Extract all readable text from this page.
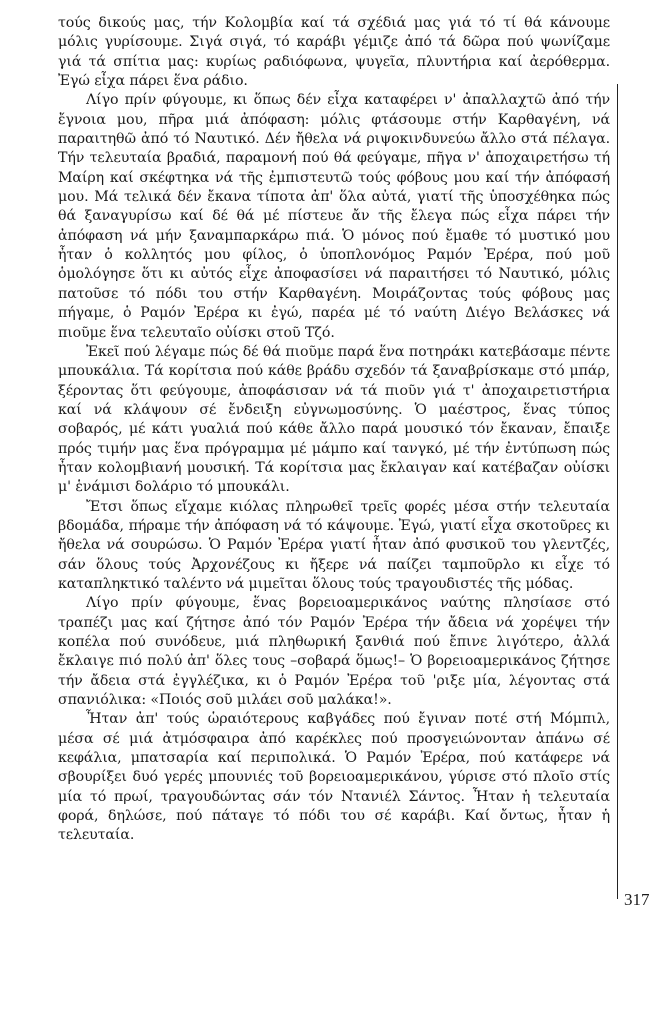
τούς δικούς μας, τήν Κολομβία καί τά σχέδιά μας γιά τό τί θά κάνουμε μόλις γυρίσουμε. Σιγά σιγά, τό καράβι γέμιζε ἀπό τά δῶρα πού ψωνίζαμε γιά τά σπίτια μας: κυρίως ραδιόφωνα, ψυγεῖα, πλυντήρια καί ἀερόθερμα. Ἐγώ εἶχα πάρει ἕνα ράδιο.

Λίγο πρίν φύγουμε, κι ὅπως δέν εἶχα καταφέρει ν' ἀπαλλαχτῶ ἀπό τήν ἔγνοια μου, πῆρα μιά ἀπόφαση: μόλις φτάσουμε στήν Καρθαγένη, νά παραιτηθῶ ἀπό τό Ναυτικό. Δέν ἤθελα νά ριψοκινδυνεύω ἄλλο στά πέλαγα. Τήν τελευταία βραδιά, παραμονή πού θά φεύγαμε, πῆγα ν' ἀποχαιρετήσω τή Μαίρη καί σκέφτηκα νά τῆς ἐμπιστευτῶ τούς φόβους μου καί τήν ἀπόφασή μου. Μά τελικά δέν ἔκανα τίποτα ἀπ' ὅλα αὐτά, γιατί τῆς ὑποσχέθηκα πώς θά ξαναγυρίσω καί δέ θά μέ πίστευε ἄν τῆς ἔλεγα πώς εἶχα πάρει τήν ἀπόφαση νά μήν ξαναμπαρκάρω πιά. Ὁ μόνος πού ἔμαθε τό μυστικό μου ἦταν ὁ κολλητός μου φίλος, ὁ ὑποπλονόμος Ραμόν Ἐρέρα, πού μοῦ ὁμολόγησε ὅτι κι αὐτός εἶχε ἀποφασίσει νά παραιτήσει τό Ναυτικό, μόλις πατοῦσε τό πόδι του στήν Καρθαγένη. Μοιράζοντας τούς φόβους μας πήγαμε, ὁ Ραμόν Ἐρέρα κι ἐγώ, παρέα μέ τό ναύτη Διέγο Βελάσκες νά πιοῦμε ἕνα τελευταῖο οὐίσκι στοῦ Τζό.

Ἐκεῖ πού λέγαμε πώς δέ θά πιοῦμε παρά ἕνα ποτηράκι κατεβάσαμε πέντε μπουκάλια. Τά κορίτσια πού κάθε βράδυ σχεδόν τά ξαναβρίσκαμε στό μπάρ, ξέροντας ὅτι φεύγουμε, ἀποφάσισαν νά τά πιοῦν γιά τ' ἀποχαιρετιστήρια καί νά κλάψουν σέ ἔνδειξη εὐγνωμοσύνης. Ὁ μαέστρος, ἕνας τύπος σοβαρός, μέ κάτι γυαλιά πού κάθε ἄλλο παρά μουσικό τόν ἔκαναν, ἔπαιξε πρός τιμήν μας ἕνα πρόγραμμα μέ μάμπο καί τανγκό, μέ τήν ἐντύπωση πώς ἦταν κολομβιανή μουσική. Τά κορίτσια μας ἔκλαιγαν καί κατέβαζαν οὐίσκι μ' ἑνάμισι δολάριο τό μπουκάλι.

Ἔτσι ὅπως εἴχαμε κιόλας πληρωθεῖ τρεῖς φορές μέσα στήν τελευταία βδομάδα, πήραμε τήν ἀπόφαση νά τό κάψουμε. Ἐγώ, γιατί εἶχα σκοτοῦρες κι ἤθελα νά σουρώσω. Ὁ Ραμόν Ἐρέρα γιατί ἦταν ἀπό φυσικοῦ του γλεντζές, σάν ὅλους τούς Ἀρχονέζους κι ἤξερε νά παίζει ταμποῦρλο κι εἶχε τό καταπληκτικό ταλέντο νά μιμεῖται ὅλους τούς τραγουδιστές τῆς μόδας.

Λίγο πρίν φύγουμε, ἕνας βορειοαμερικάνος ναύτης πλησίασε στό τραπέζι μας καί ζήτησε ἀπό τόν Ραμόν Ἐρέρα τήν ἄδεια νά χορέψει τήν κοπέλα πού συνόδευε, μιά πληθωρική ξανθιά πού ἔπινε λιγότερο, ἀλλά ἔκλαιγε πιό πολύ ἀπ' ὅλες τους –σοβαρά ὅμως!– Ὁ βορειοαμερικάνος ζήτησε τήν ἄδεια στά ἐγγλέζικα, κι ὁ Ραμόν Ἐρέρα τοῦ 'ριξε μία, λέγοντας στά σπανιόλικα: «Ποιός σοῦ μιλάει σοῦ μαλάκα!».

Ἦταν ἀπ' τούς ὡραιότερους καβγάδες πού ἔγιναν ποτέ στή Μόμπιλ, μέσα σέ μιά ἀτμόσφαιρα ἀπό καρέκλες πού προσγειώνονταν ἀπάνω σέ κεφάλια, μπατσαρία καί περιπολικά. Ὁ Ραμόν Ἐρέρα, πού κατάφερε νά σβουρίξει δυό γερές μπουνιές τοῦ βορειοαμερικάνου, γύρισε στό πλοῖο στίς μία τό πρωί, τραγουδώντας σάν τόν Ντανιέλ Σάντος. Ἦταν ἡ τελευταία φορά, δηλώσε, πού πάταγε τό πόδι του σέ καράβι. Καί ὄντως, ἦταν ἡ τελευταία.

317
